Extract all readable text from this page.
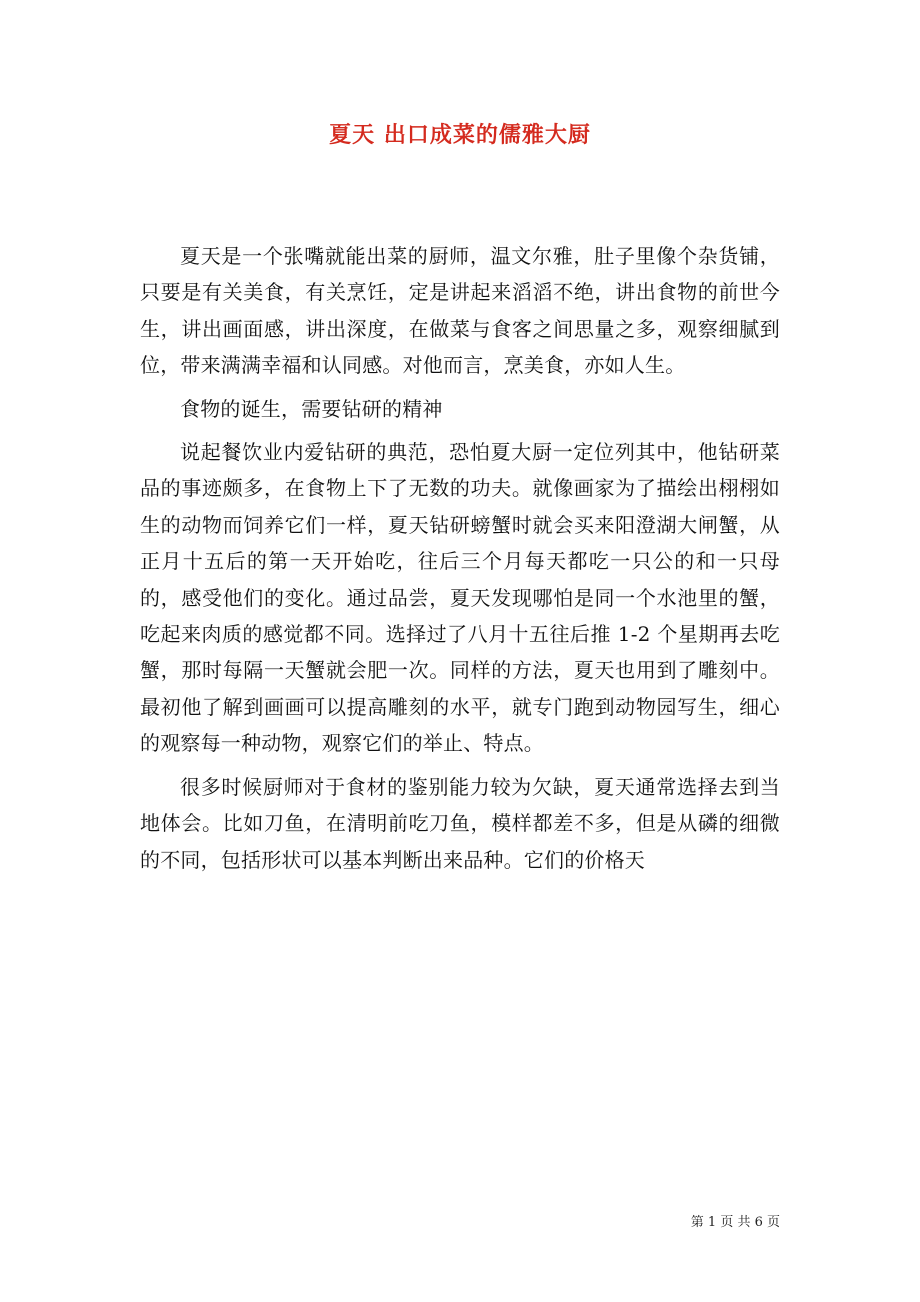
夏天 出口成菜的儒雅大厨

夏天是一个张嘴就能出菜的厨师，温文尔雅，肚子里像个杂货铺，只要是有关美食，有关烹饪，定是讲起来滔滔不绝，讲出食物的前世今生，讲出画面感，讲出深度，在做菜与食客之间思量之多，观察细腻到位，带来满满幸福和认同感。对他而言，烹美食，亦如人生。

食物的诞生，需要钻研的精神

说起餐饮业内爱钻研的典范，恐怕夏大厨一定位列其中，他钻研菜品的事迹颇多，在食物上下了无数的功夫。就像画家为了描绘出栩栩如生的动物而饲养它们一样，夏天钻研螃蟹时就会买来阳澄湖大闸蟹，从正月十五后的第一天开始吃，往后三个月每天都吃一只公的和一只母的，感受他们的变化。通过品尝，夏天发现哪怕是同一个水池里的蟹，吃起来肉质的感觉都不同。选择过了八月十五往后推 1-2 个星期再去吃蟹，那时每隔一天蟹就会肥一次。同样的方法，夏天也用到了雕刻中。最初他了解到画画可以提高雕刻的水平，就专门跑到动物园写生，细心的观察每一种动物，观察它们的举止、特点。

很多时候厨师对于食材的鉴别能力较为欠缺，夏天通常选择去到当地体会。比如刀鱼，在清明前吃刀鱼，模样都差不多，但是从磷的细微的不同，包括形状可以基本判断出来品种。它们的价格天

第 1 页 共 6 页
